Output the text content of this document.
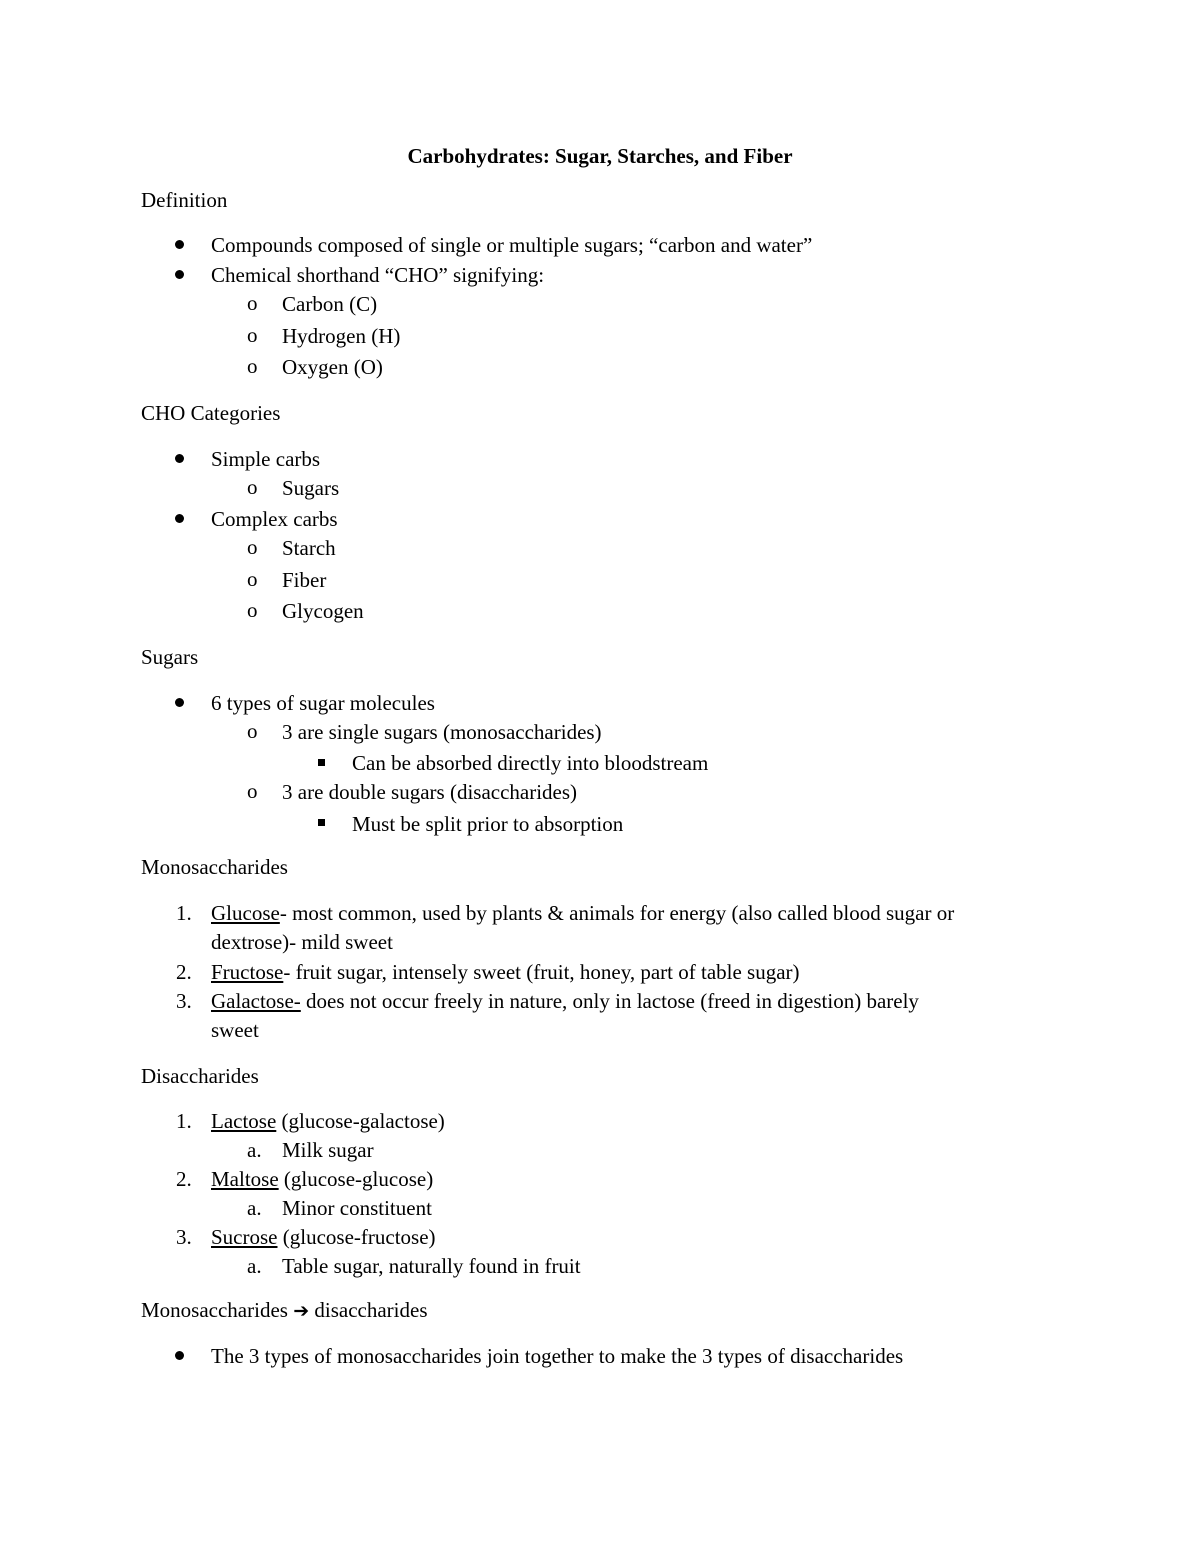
Carbohydrates: Sugar, Starches, and Fiber
Definition
Compounds composed of single or multiple sugars; “carbon and water”
Chemical shorthand “CHO” signifying:
o Carbon (C)
o Hydrogen (H)
o Oxygen (O)
CHO Categories
Simple carbs
o Sugars
Complex carbs
o Starch
o Fiber
o Glycogen
Sugars
6 types of sugar molecules
o 3 are single sugars (monosaccharides)
Can be absorbed directly into bloodstream
o 3 are double sugars (disaccharides)
Must be split prior to absorption
Monosaccharides
1. Glucose- most common, used by plants & animals for energy (also called blood sugar or
dextrose)- mild sweet
2. Fructose- fruit sugar, intensely sweet (fruit, honey, part of table sugar)
3. Galactose- does not occur freely in nature, only in lactose (freed in digestion) barely
sweet
Disaccharides
1. Lactose (glucose-galactose)
a. Milk sugar
2. Maltose (glucose-glucose)
a. Minor constituent
3. Sucrose (glucose-fructose)
a. Table sugar, naturally found in fruit
Monosaccharides ➔ disaccharides
The 3 types of monosaccharides join together to make the 3 types of disaccharides
